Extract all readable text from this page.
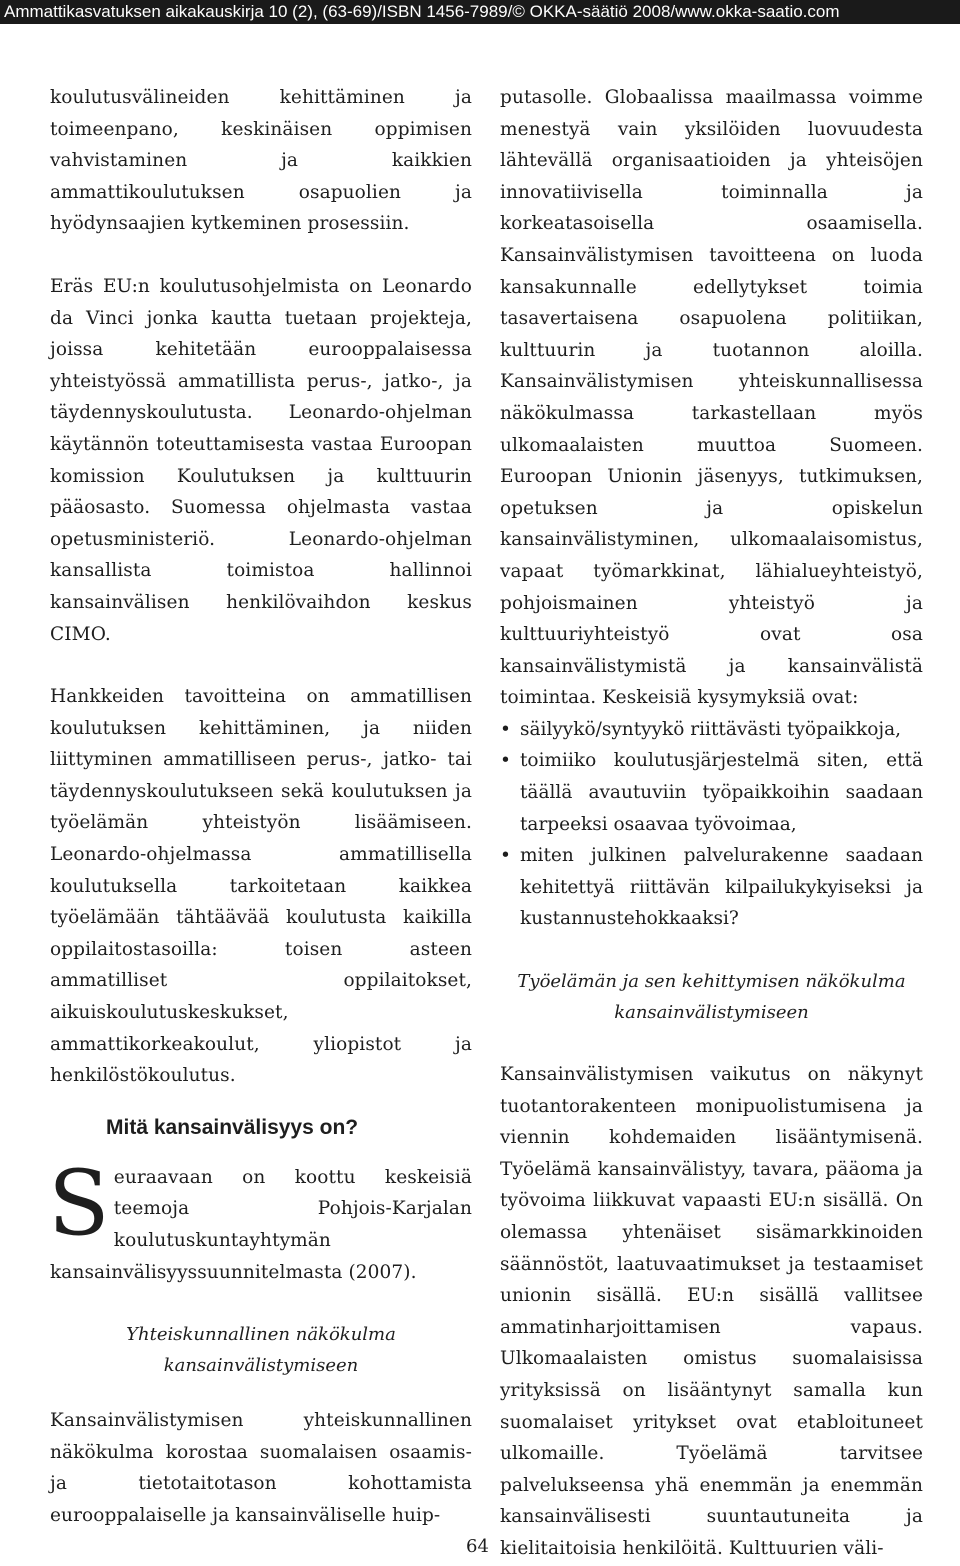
Ammattikasvatuksen aikakauskirja 10 (2), (63-69)/ISBN 1456-7989/© OKKA-säätiö 2008/www.okka-saatio.com

koulutusvälineiden kehittäminen ja toimeenpano, keskinäisen oppimisen vahvistaminen ja kaikkien ammattikoulutuksen osapuolien ja hyödynsaajien kytkeminen prosessiin.

Eräs EU:n koulutusohjelmista on Leonardo da Vinci jonka kautta tuetaan projekteja, joissa kehitetään eurooppalaisessa yhteistyössä ammatillista perus-, jatko-, ja täydennyskoulutusta. Leonardo-ohjelman käytännön toteuttamisesta vastaa Euroopan komission Koulutuksen ja kulttuurin pääosasto. Suomessa ohjelmasta vastaa opetusministeriö. Leonardo-ohjelman kansallista toimistoa hallinnoi kansainvälisen henkilövaihdon keskus CIMO.

Hankkeiden tavoitteina on ammatillisen koulutuksen kehittäminen, ja niiden liittyminen ammatilliseen perus-, jatko- tai täydennyskoulutukseen sekä koulutuksen ja työelämän yhteistyön lisäämiseen. Leonardo-ohjelmassa ammatillisella koulutuksella tarkoitetaan kaikkea työelämään tähtäävää koulutusta kaikilla oppilaitostasoilla: toisen asteen ammatilliset oppilaitokset, aikuiskoulutuskeskukset, ammattikorkeakoulut, yliopistot ja henkilöstökoulutus.

Mitä kansainvälisyys on?

Seuraavaan on koottu keskeisiä teemoja Pohjois-Karjalan koulutuskuntayhtymän kansainvälisyyssuunnitelmasta (2007).

Yhteiskunnallinen näkökulma kansainvälistymiseen

Kansainvälistymisen yhteiskunnallinen näkökulma korostaa suomalaisen osaamis- ja tietotaitotason kohottamista eurooppalaiselle ja kansainväliselle huip-

putasolle. Globaalissa maailmassa voimme menestyä vain yksilöiden luovuudesta lähtevällä organisaatioiden ja yhteisöjen innovatiivisella toiminnalla ja korkeatasoisella osaamisella. Kansainvälistymisen tavoitteena on luoda kansakunnalle edellytykset toimia tasavertaisena osapuolena politiikan, kulttuurin ja tuotannon aloilla. Kansainvälistymisen yhteiskunnallisessa näkökulmassa tarkastellaan myös ulkomaalaisten muuttoa Suomeen. Euroopan Unionin jäsenyys, tutkimuksen, opetuksen ja opiskelun kansainvälistyminen, ulkomaalaisomistus, vapaat työmarkkinat, lähialueyhteistyö, pohjoismainen yhteistyö ja kulttuuriyhteistyö ovat osa kansainvälistymistä ja kansainvälistä toimintaa. Keskeisiä kysymyksiä ovat:

• säilyykö/syntyykö riittävästi työpaikkoja,
• toimiiko koulutusjärjestelmä siten, että täällä avautuviin työpaikkoihin saadaan tarpeeksi osaavaa työvoimaa,
• miten julkinen palvelurakenne saadaan kehitettyä riittävän kilpailukykyiseksi ja kustannustehokkaaksi?
Työelämän ja sen kehittymisen näkökulma kansainvälistymiseen

Kansainvälistymisen vaikutus on näkynyt tuotantorakenteen monipuolistumisena ja viennin kohdemaiden lisääntymisenä. Työelämä kansainvälistyy, tavara, pääoma ja työvoima liikkuvat vapaasti EU:n sisällä. On olemassa yhtenäiset sisämarkkinoiden säännöstöt, laatuvaatimukset ja testaamiset unionin sisällä. EU:n sisällä vallitsee ammatinharjoittamisen vapaus. Ulkomaalaisten omistus suomalaisissa yrityksissä on lisääntynyt samalla kun suomalaiset yritykset ovat etabloituneet ulkomaille. Työelämä tarvitsee palvelukseensa yhä enemmän ja enemmän kansainvälisesti suuntautuneita ja kielitaitoisia henkilöitä. Kulttuurien väli-

64
